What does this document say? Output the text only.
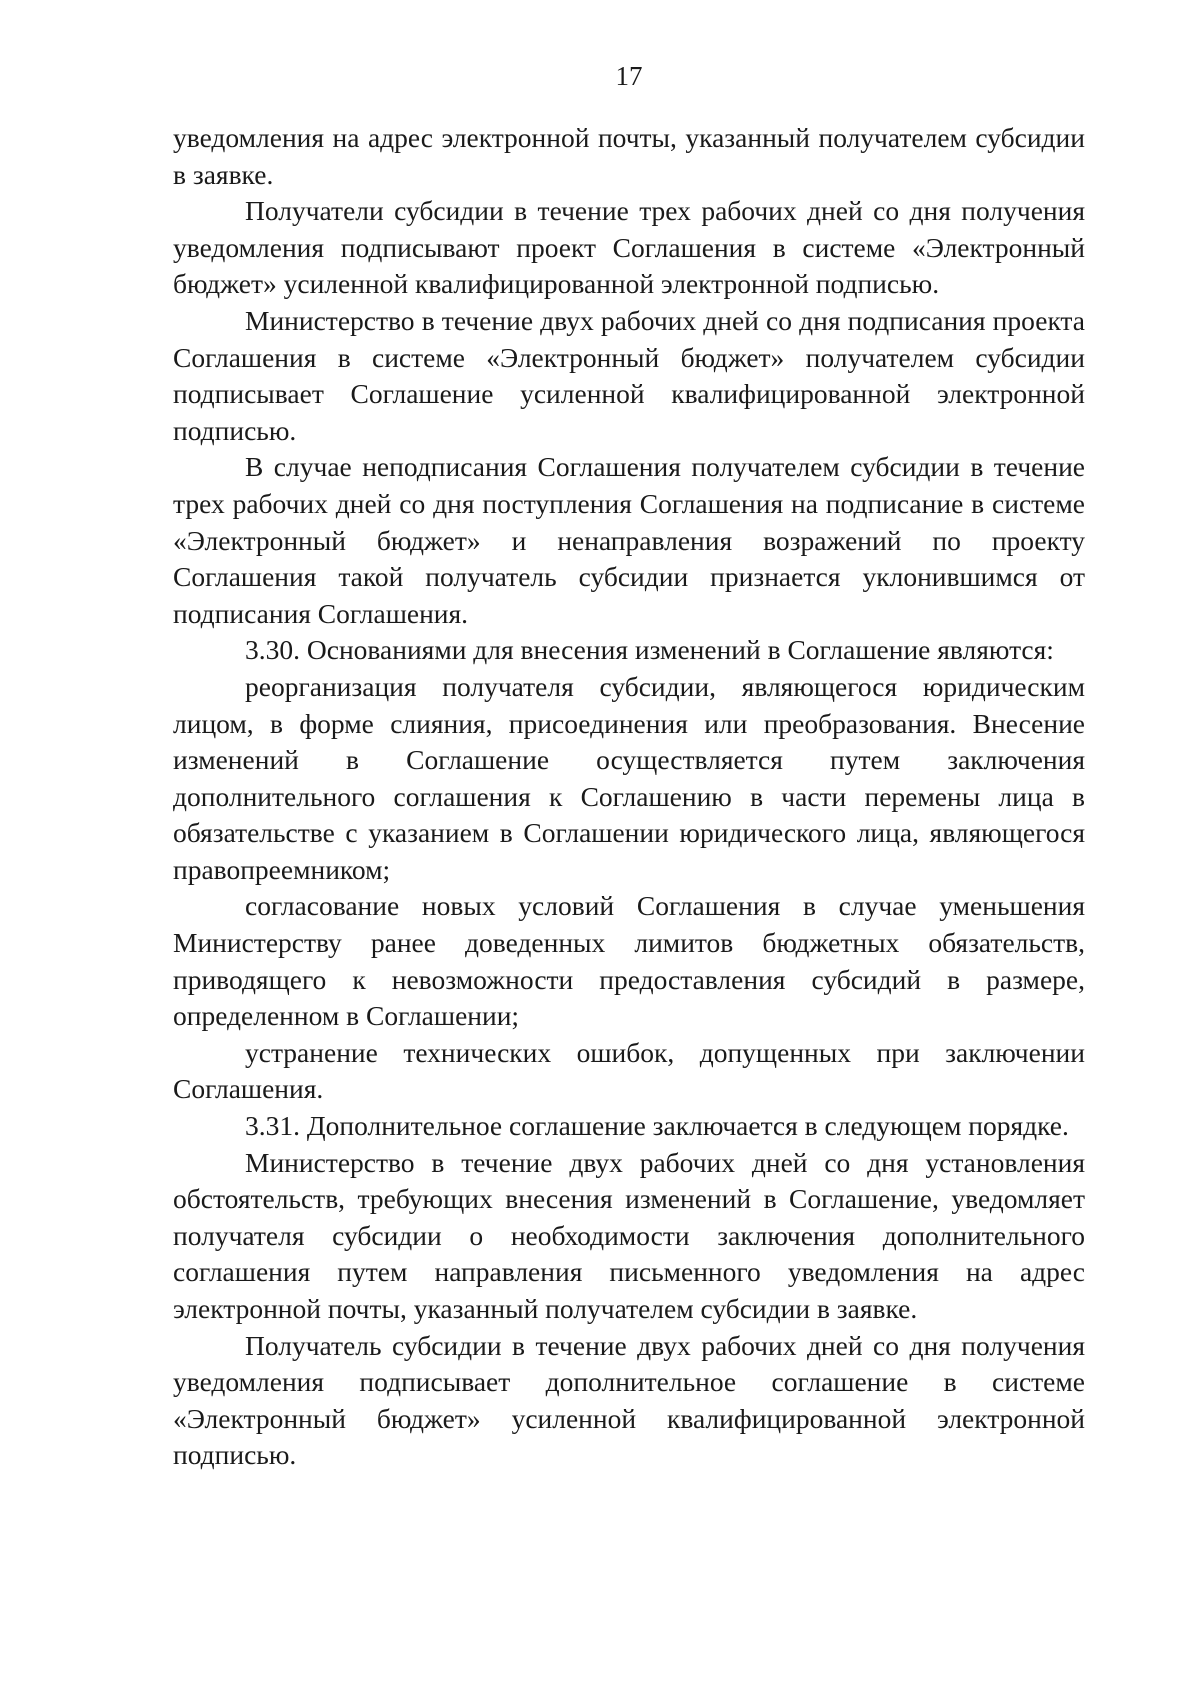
17

уведомления на адрес электронной почты, указанный получателем субсидии в заявке.

Получатели субсидии в течение трех рабочих дней со дня получения уведомления подписывают проект Соглашения в системе «Электронный бюджет» усиленной квалифицированной электронной подписью.

Министерство в течение двух рабочих дней со дня подписания проекта Соглашения в системе «Электронный бюджет» получателем субсидии подписывает Соглашение усиленной квалифицированной электронной подписью.

В случае неподписания Соглашения получателем субсидии в течение трех рабочих дней со дня поступления Соглашения на подписание в системе «Электронный бюджет» и ненаправления возражений по проекту Соглашения такой получатель субсидии признается уклонившимся от подписания Соглашения.

3.30. Основаниями для внесения изменений в Соглашение являются:

реорганизация получателя субсидии, являющегося юридическим лицом, в форме слияния, присоединения или преобразования. Внесение изменений в Соглашение осуществляется путем заключения дополнительного соглашения к Соглашению в части перемены лица в обязательстве с указанием в Соглашении юридического лица, являющегося правопреемником;

согласование новых условий Соглашения в случае уменьшения Министерству ранее доведенных лимитов бюджетных обязательств, приводящего к невозможности предоставления субсидий в размере, определенном в Соглашении;

устранение технических ошибок, допущенных при заключении Соглашения.

3.31. Дополнительное соглашение заключается в следующем порядке.

Министерство в течение двух рабочих дней со дня установления обстоятельств, требующих внесения изменений в Соглашение, уведомляет получателя субсидии о необходимости заключения дополнительного соглашения путем направления письменного уведомления на адрес электронной почты, указанный получателем субсидии в заявке.

Получатель субсидии в течение двух рабочих дней со дня получения уведомления подписывает дополнительное соглашение в системе «Электронный бюджет» усиленной квалифицированной электронной подписью.
